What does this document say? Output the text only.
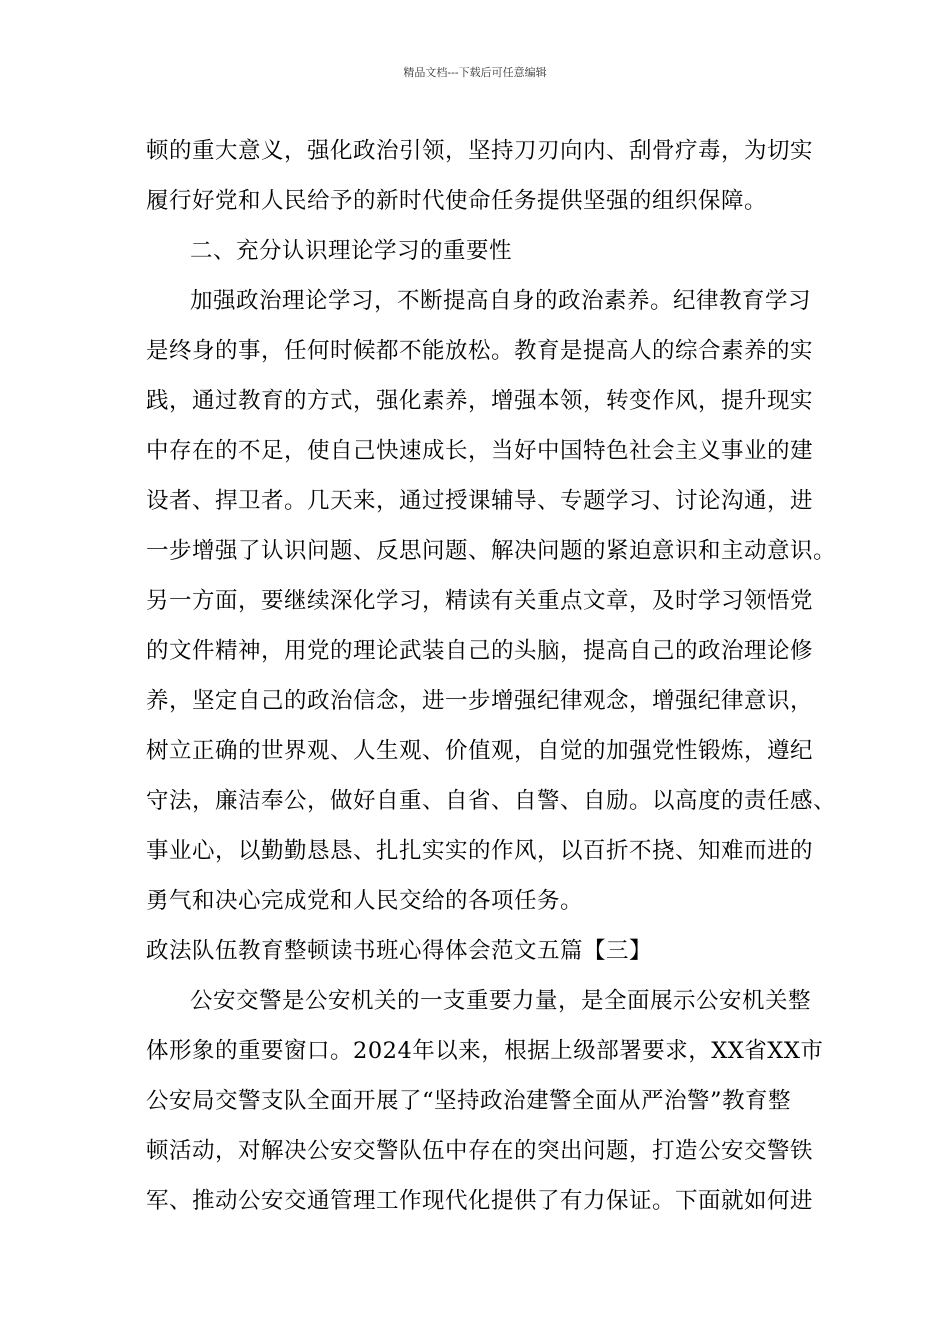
精品文档---下载后可任意编辑
顿的重大意义，强化政治引领，坚持刀刃向内、刮骨疗毒，为切实
履行好党和人民给予的新时代使命任务提供坚强的组织保障。
二、充分认识理论学习的重要性
加强政治理论学习，不断提高自身的政治素养。纪律教育学习
是终身的事，任何时候都不能放松。教育是提高人的综合素养的实
践，通过教育的方式，强化素养，增强本领，转变作风，提升现实
中存在的不足，使自己快速成长，当好中国特色社会主义事业的建
设者、捍卫者。几天来，通过授课辅导、专题学习、讨论沟通，进
一步增强了认识问题、反思问题、解决问题的紧迫意识和主动意识。
另一方面，要继续深化学习，精读有关重点文章，及时学习领悟党
的文件精神，用党的理论武装自己的头脑，提高自己的政治理论修
养，坚定自己的政治信念，进一步增强纪律观念，增强纪律意识，
树立正确的世界观、人生观、价值观，自觉的加强党性锻炼，遵纪
守法，廉洁奉公，做好自重、自省、自警、自励。以高度的责任感、
事业心，以勤勤恳恳、扎扎实实的作风，以百折不挠、知难而进的
勇气和决心完成党和人民交给的各项任务。
政法队伍教育整顿读书班心得体会范文五篇【三】
公安交警是公安机关的一支重要力量，是全面展示公安机关整
体形象的重要窗口。2024年以来，根据上级部署要求，XX省XX市
公安局交警支队全面开展了“坚持政治建警全面从严治警”教育整
顿活动，对解决公安交警队伍中存在的突出问题，打造公安交警铁
军、推动公安交通管理工作现代化提供了有力保证。下面就如何进
